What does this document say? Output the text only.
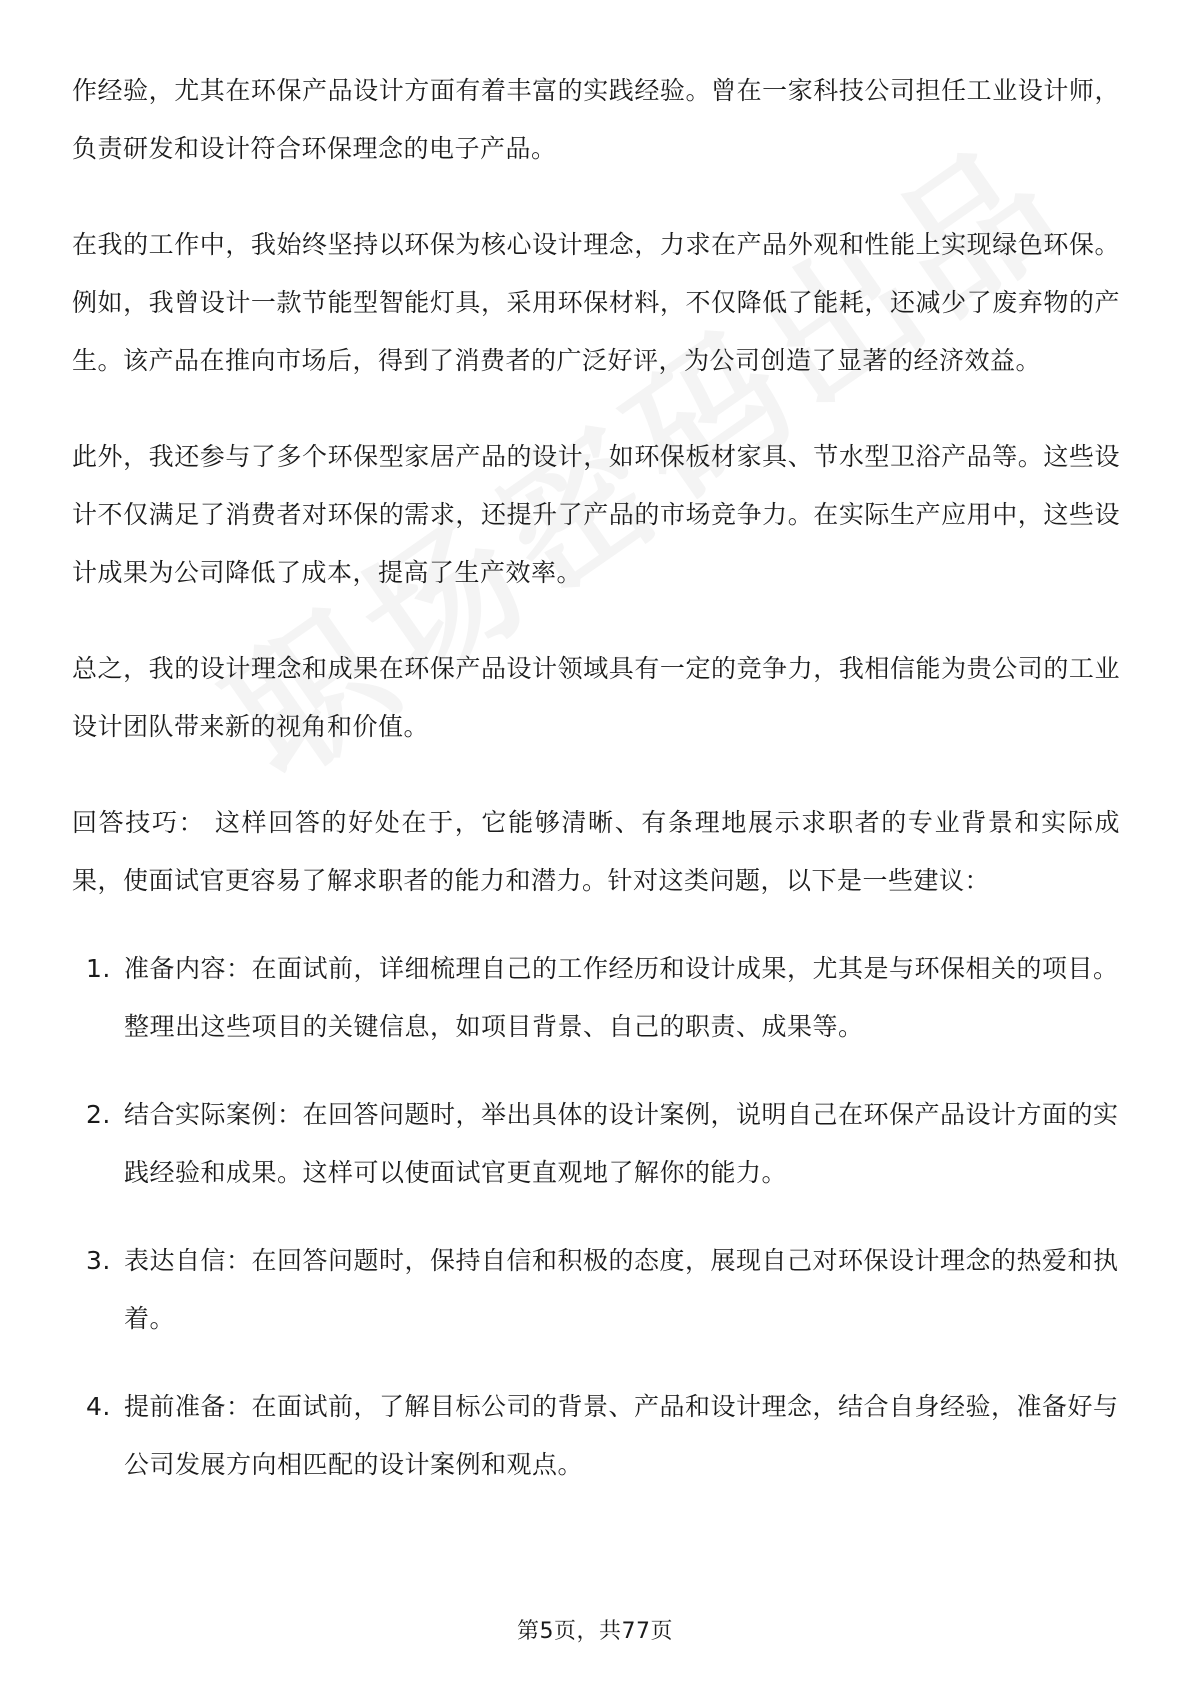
作经验，尤其在环保产品设计方面有着丰富的实践经验。曾在一家科技公司担任工业设计师，负责研发和设计符合环保理念的电子产品。

在我的工作中，我始终坚持以环保为核心设计理念，力求在产品外观和性能上实现绿色环保。例如，我曾设计一款节能型智能灯具，采用环保材料，不仅降低了能耗，还减少了废弃物的产生。该产品在推向市场后，得到了消费者的广泛好评，为公司创造了显著的经济效益。

此外，我还参与了多个环保型家居产品的设计，如环保板材家具、节水型卫浴产品等。这些设计不仅满足了消费者对环保的需求，还提升了产品的市场竞争力。在实际生产应用中，这些设计成果为公司降低了成本，提高了生产效率。

总之，我的设计理念和成果在环保产品设计领域具有一定的竞争力，我相信能为贵公司的工业设计团队带来新的视角和价值。

回答技巧： 这样回答的好处在于，它能够清晰、有条理地展示求职者的专业背景和实际成果，使面试官更容易了解求职者的能力和潜力。针对这类问题，以下是一些建议：

1. 准备内容：在面试前，详细梳理自己的工作经历和设计成果，尤其是与环保相关的项目。整理出这些项目的关键信息，如项目背景、自己的职责、成果等。
2. 结合实际案例：在回答问题时，举出具体的设计案例，说明自己在环保产品设计方面的实践经验和成果。这样可以使面试官更直观地了解你的能力。
3. 表达自信：在回答问题时，保持自信和积极的态度，展现自己对环保设计理念的热爱和执着。
4. 提前准备：在面试前，了解目标公司的背景、产品和设计理念，结合自身经验，准备好与公司发展方向相匹配的设计案例和观点。
第5页，共77页
